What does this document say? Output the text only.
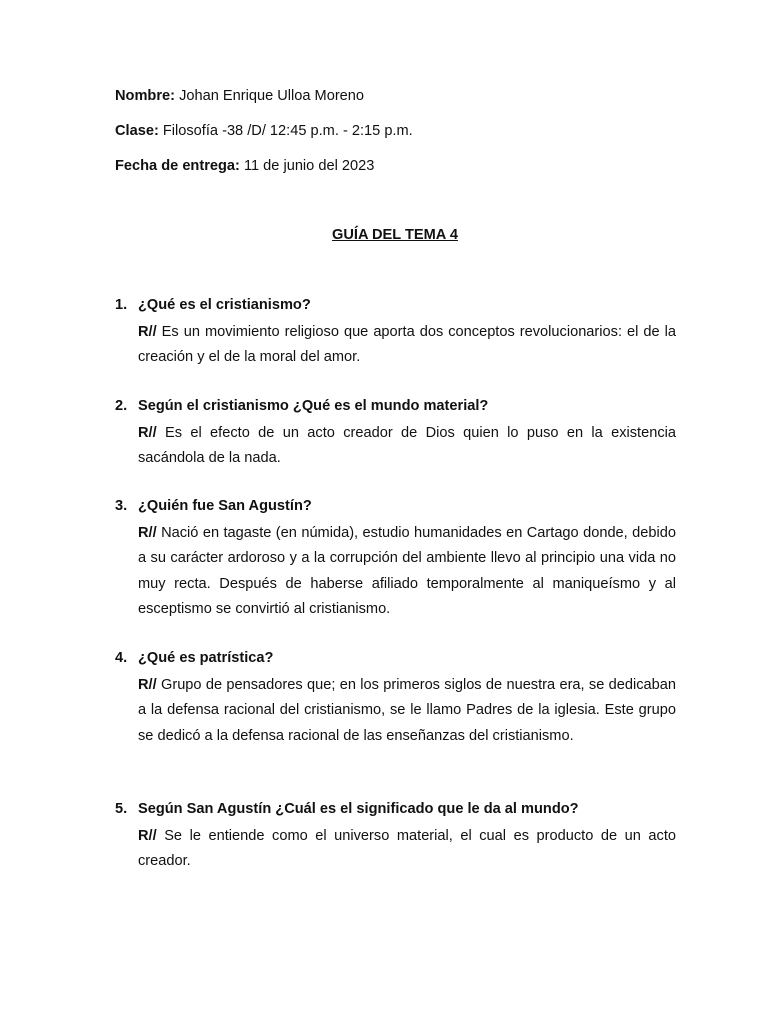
Nombre: Johan Enrique Ulloa Moreno
Clase: Filosofía -38 /D/ 12:45 p.m. - 2:15 p.m.
Fecha de entrega: 11 de junio del 2023
GUÍA DEL TEMA 4
1. ¿Qué es el cristianismo?
R// Es un movimiento religioso que aporta dos conceptos revolucionarios: el de la creación y el de la moral del amor.
2. Según el cristianismo ¿Qué es el mundo material?
R// Es el efecto de un acto creador de Dios quien lo puso en la existencia sacándola de la nada.
3. ¿Quién fue San Agustín?
R// Nació en tagaste (en númida), estudio humanidades en Cartago donde, debido a su carácter ardoroso y a la corrupción del ambiente llevo al principio una vida no muy recta. Después de haberse afiliado temporalmente al maniqueísmo y al esceptismo se convirtió al cristianismo.
4. ¿Qué es patrística?
R// Grupo de pensadores que; en los primeros siglos de nuestra era, se dedicaban a la defensa racional del cristianismo, se le llamo Padres de la iglesia. Este grupo se dedicó a la defensa racional de las enseñanzas del cristianismo.
5. Según San Agustín ¿Cuál es el significado que le da al mundo?
R// Se le entiende como el universo material, el cual es producto de un acto creador.
